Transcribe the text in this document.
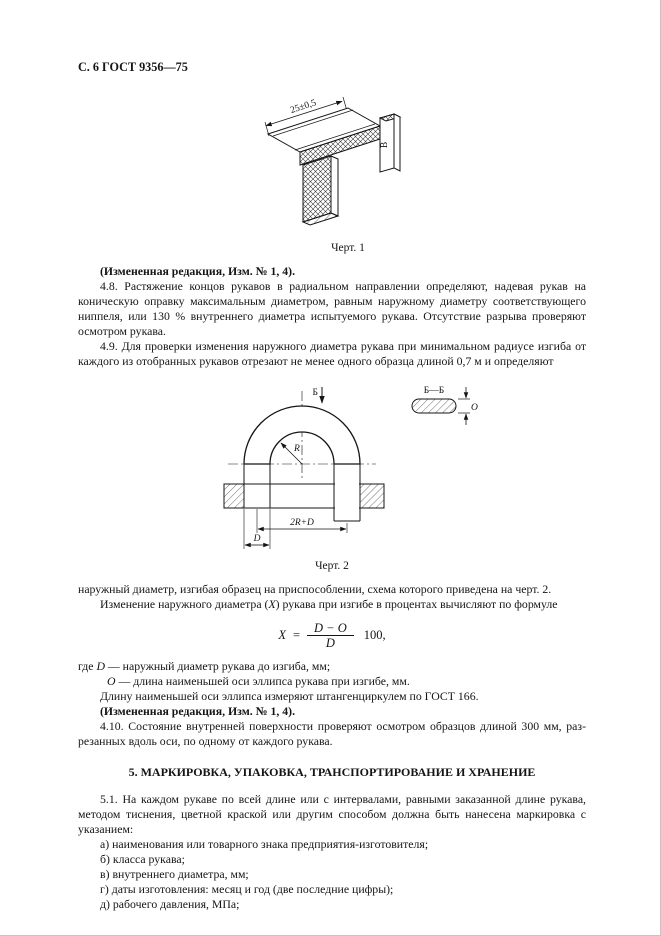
С. 6 ГОСТ 9356—75
25±0,5
В
Черт. 1

(Измененная редакция, Изм. № 1, 4).

4.8. Растяжение концов рукавов в радиальном направлении определяют, надевая рукав на коническую оправку максимальным диаметром, равным наружному диаметру соответствующего ниппеля, или 130 % внутреннего диаметра испытуемого рукава. Отсутствие разрыва проверяют осмотром рукава.

4.9. Для проверки изменения наружного диаметра рукава при минимальном радиусе изгиба от каждого из отобранных рукавов отрезают не менее одного образца длиной 0,7 м и определяют

R
Б	Б—Б
O
2R+D
D
Черт. 2

наружный диаметр, изгибая образец на приспособлении, схема которого приведена на черт. 2.

Изменение наружного диаметра (X) рукава при изгибе в процентах вычисляют по формуле

$X = \frac{D - O}{D} 100$,

где D — наружный диаметр рукава до изгиба, мм;

О — длина наименьшей оси эллипса рукава при изгибе, мм.

Длину наименьшей оси эллипса измеряют штангенциркулем по ГОСТ 166.

(Измененная редакция, Изм. № 1, 4).

4.10. Состояние внутренней поверхности проверяют осмотром образцов длиной 300 мм, разрезанных вдоль оси, по одному от каждого рукава.

5. МАРКИРОВКА, УПАКОВКА, ТРАНСПОРТИРОВАНИЕ И ХРАНЕНИЕ

5.1. На каждом рукаве по всей длине или с интервалами, равными заказанной длине рукава, методом тиснения, цветной краской или другим способом должна быть нанесена маркировка с указанием:

а) наименования или товарного знака предприятия-изготовителя;

б) класса рукава;

в) внутреннего диаметра, мм;

г) даты изготовления: месяц и год (две последние цифры);

д) рабочего давления, МПа;
